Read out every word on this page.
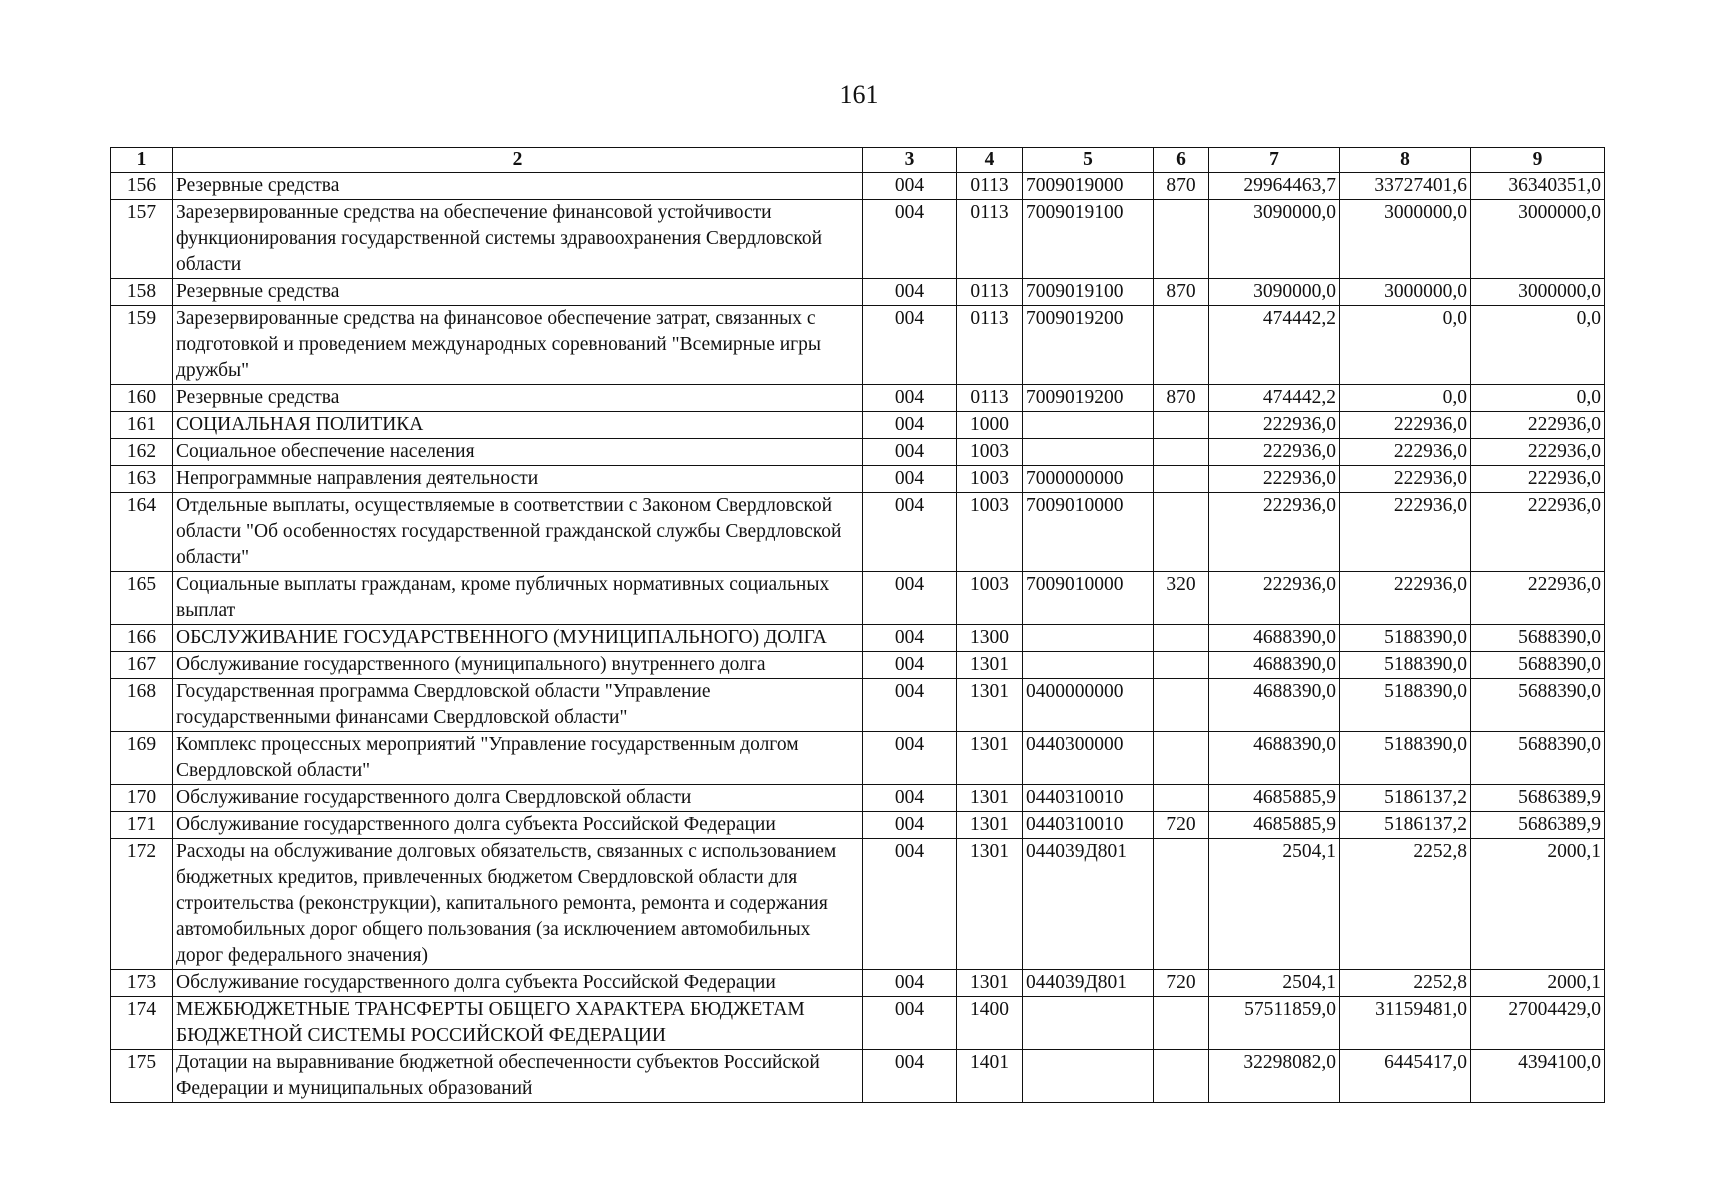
161
1	2	3	4	5	6	7	8	9
156	Резервные средства	004	0113	7009019000	870	29964463,7	33727401,6	36340351,0
157	Зарезервированные средства на обеспечение финансовой устойчивости функционирования государственной системы здравоохранения Свердловской области	004	0113	7009019100		3090000,0	3000000,0	3000000,0
158	Резервные средства	004	0113	7009019100	870	3090000,0	3000000,0	3000000,0
159	Зарезервированные средства на финансовое обеспечение затрат, связанных с подготовкой и проведением международных соревнований "Всемирные игры дружбы"	004	0113	7009019200		474442,2	0,0	0,0
160	Резервные средства	004	0113	7009019200	870	474442,2	0,0	0,0
161	СОЦИАЛЬНАЯ ПОЛИТИКА	004	1000			222936,0	222936,0	222936,0
162	Социальное обеспечение населения	004	1003			222936,0	222936,0	222936,0
163	Непрограммные направления деятельности	004	1003	7000000000		222936,0	222936,0	222936,0
164	Отдельные выплаты, осуществляемые в соответствии с Законом Свердловской области "Об особенностях государственной гражданской службы Свердловской области"	004	1003	7009010000		222936,0	222936,0	222936,0
165	Социальные выплаты гражданам, кроме публичных нормативных социальных выплат	004	1003	7009010000	320	222936,0	222936,0	222936,0
166	ОБСЛУЖИВАНИЕ ГОСУДАРСТВЕННОГО (МУНИЦИПАЛЬНОГО) ДОЛГА	004	1300			4688390,0	5188390,0	5688390,0
167	Обслуживание государственного (муниципального) внутреннего долга	004	1301			4688390,0	5188390,0	5688390,0
168	Государственная программа Свердловской области "Управление государственными финансами Свердловской области"	004	1301	0400000000		4688390,0	5188390,0	5688390,0
169	Комплекс процессных мероприятий "Управление государственным долгом Свердловской области"	004	1301	0440300000		4688390,0	5188390,0	5688390,0
170	Обслуживание государственного долга Свердловской области	004	1301	0440310010		4685885,9	5186137,2	5686389,9
171	Обслуживание государственного долга субъекта Российской Федерации	004	1301	0440310010	720	4685885,9	5186137,2	5686389,9
172	Расходы на обслуживание долговых обязательств, связанных с использованием бюджетных кредитов, привлеченных бюджетом Свердловской области для строительства (реконструкции), капитального ремонта, ремонта и содержания автомобильных дорог общего пользования (за исключением автомобильных дорог федерального значения)	004	1301	044039Д801		2504,1	2252,8	2000,1
173	Обслуживание государственного долга субъекта Российской Федерации	004	1301	044039Д801	720	2504,1	2252,8	2000,1
174	МЕЖБЮДЖЕТНЫЕ ТРАНСФЕРТЫ ОБЩЕГО ХАРАКТЕРА БЮДЖЕТАМ БЮДЖЕТНОЙ СИСТЕМЫ РОССИЙСКОЙ ФЕДЕРАЦИИ	004	1400			57511859,0	31159481,0	27004429,0
175	Дотации на выравнивание бюджетной обеспеченности субъектов Российской Федерации и муниципальных образований	004	1401			32298082,0	6445417,0	4394100,0
